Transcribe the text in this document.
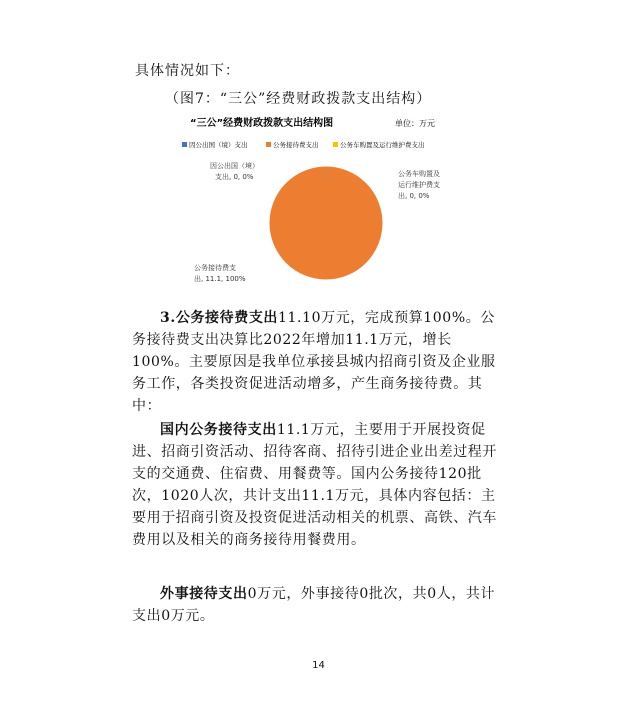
具体情况如下：
（图7：“三公”经费财政拨款支出结构）
“三公”经费财政拨款支出结构图	单位：万元
因公出国（境）支出	公务接待费支出	公务车购置及运行维护费支出
因公出国（境）
支出, 0, 0%	公务车购置及
运行维护费支
出, 0, 0%
公务接待费支
出, 11.1, 100%
3.公务接待费支出11.10万元，完成预算100%。公务接待费支出决算比2022年增加11.1万元，增长100%。主要原因是我单位承接县城内招商引资及企业服务工作，各类投资促进活动增多，产生商务接待费。其中：
国内公务接待支出11.1万元，主要用于开展投资促进、招商引资活动、招待客商、招待引进企业出差过程开支的交通费、住宿费、用餐费等。国内公务接待120批次，1020人次，共计支出11.1万元，具体内容包括：主要用于招商引资及投资促进活动相关的机票、高铁、汽车费用以及相关的商务接待用餐费用。
外事接待支出0万元，外事接待0批次，共0人，共计支出0万元。
14
